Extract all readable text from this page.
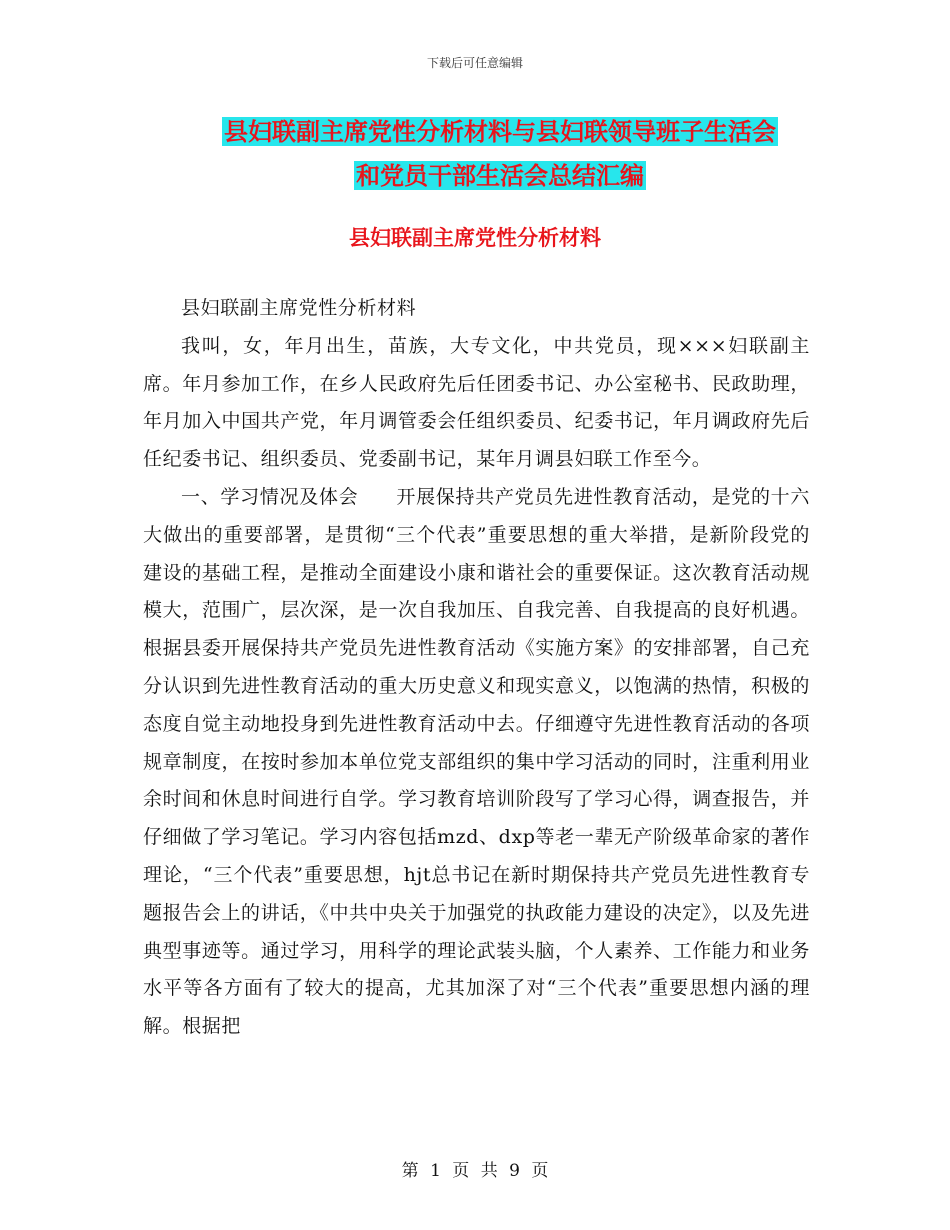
下载后可任意编辑
县妇联副主席党性分析材料与县妇联领导班子生活会
和党员干部生活会总结汇编
县妇联副主席党性分析材料

县妇联副主席党性分析材料

我叫，女，年月出生，苗族，大专文化，中共党员，现×××妇联副主席。年月参加工作，在乡人民政府先后任团委书记、办公室秘书、民政助理，年月加入中国共产党，年月调管委会任组织委员、纪委书记，年月调政府先后任纪委书记、组织委员、党委副书记，某年月调县妇联工作至今。

一、学习情况及体会 开展保持共产党员先进性教育活动，是党的十六大做出的重要部署，是贯彻“三个代表”重要思想的重大举措，是新阶段党的建设的基础工程，是推动全面建设小康和谐社会的重要保证。这次教育活动规模大，范围广，层次深，是一次自我加压、自我完善、自我提高的良好机遇。根据县委开展保持共产党员先进性教育活动《实施方案》的安排部署，自己充分认识到先进性教育活动的重大历史意义和现实意义，以饱满的热情，积极的态度自觉主动地投身到先进性教育活动中去。仔细遵守先进性教育活动的各项规章制度，在按时参加本单位党支部组织的集中学习活动的同时，注重利用业余时间和休息时间进行自学。学习教育培训阶段写了学习心得，调查报告，并仔细做了学习笔记。学习内容包括mzd、dxp等老一辈无产阶级革命家的著作理论，“三个代表”重要思想，hjt总书记在新时期保持共产党员先进性教育专题报告会上的讲话，《中共中央关于加强党的执政能力建设的决定》，以及先进典型事迹等。通过学习，用科学的理论武装头脑，个人素养、工作能力和业务水平等各方面有了较大的提高，尤其加深了对“三个代表”重要思想内涵的理解。根据把

第 1 页 共 9 页
